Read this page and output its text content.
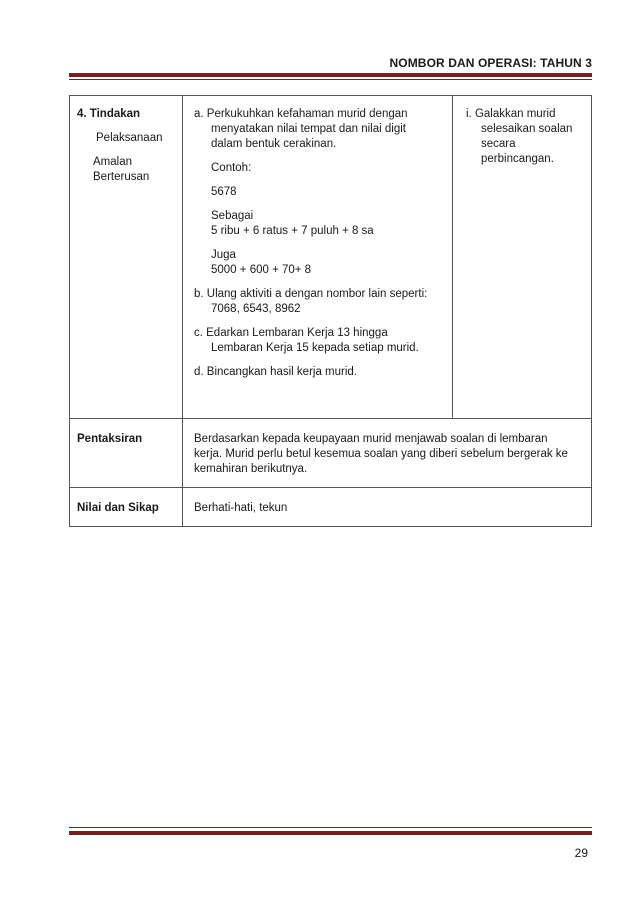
NOMBOR DAN OPERASI: TAHUN 3
4. Tindakan
Pelaksanaan
Amalan
Berterusan
a. Perkukuhkan kefahaman murid dengan
menyatakan nilai tempat dan nilai digit
dalam bentuk cerakinan.
Contoh:
5678
Sebagai
5 ribu + 6 ratus + 7 puluh + 8 sa
Juga
5000 + 600 + 70+ 8
b. Ulang aktiviti a dengan nombor lain seperti:
7068, 6543, 8962
c. Edarkan Lembaran Kerja 13 hingga
Lembaran Kerja 15 kepada setiap murid.
d. Bincangkan hasil kerja murid.
i. Galakkan murid
selesaikan soalan
secara
perbincangan.
Pentaksiran	Berdasarkan kepada keupayaan murid menjawab soalan di lembaran
kerja. Murid perlu betul kesemua soalan yang diberi sebelum bergerak ke
kemahiran berikutnya.
Nilai dan Sikap	Berhati-hati, tekun
29
